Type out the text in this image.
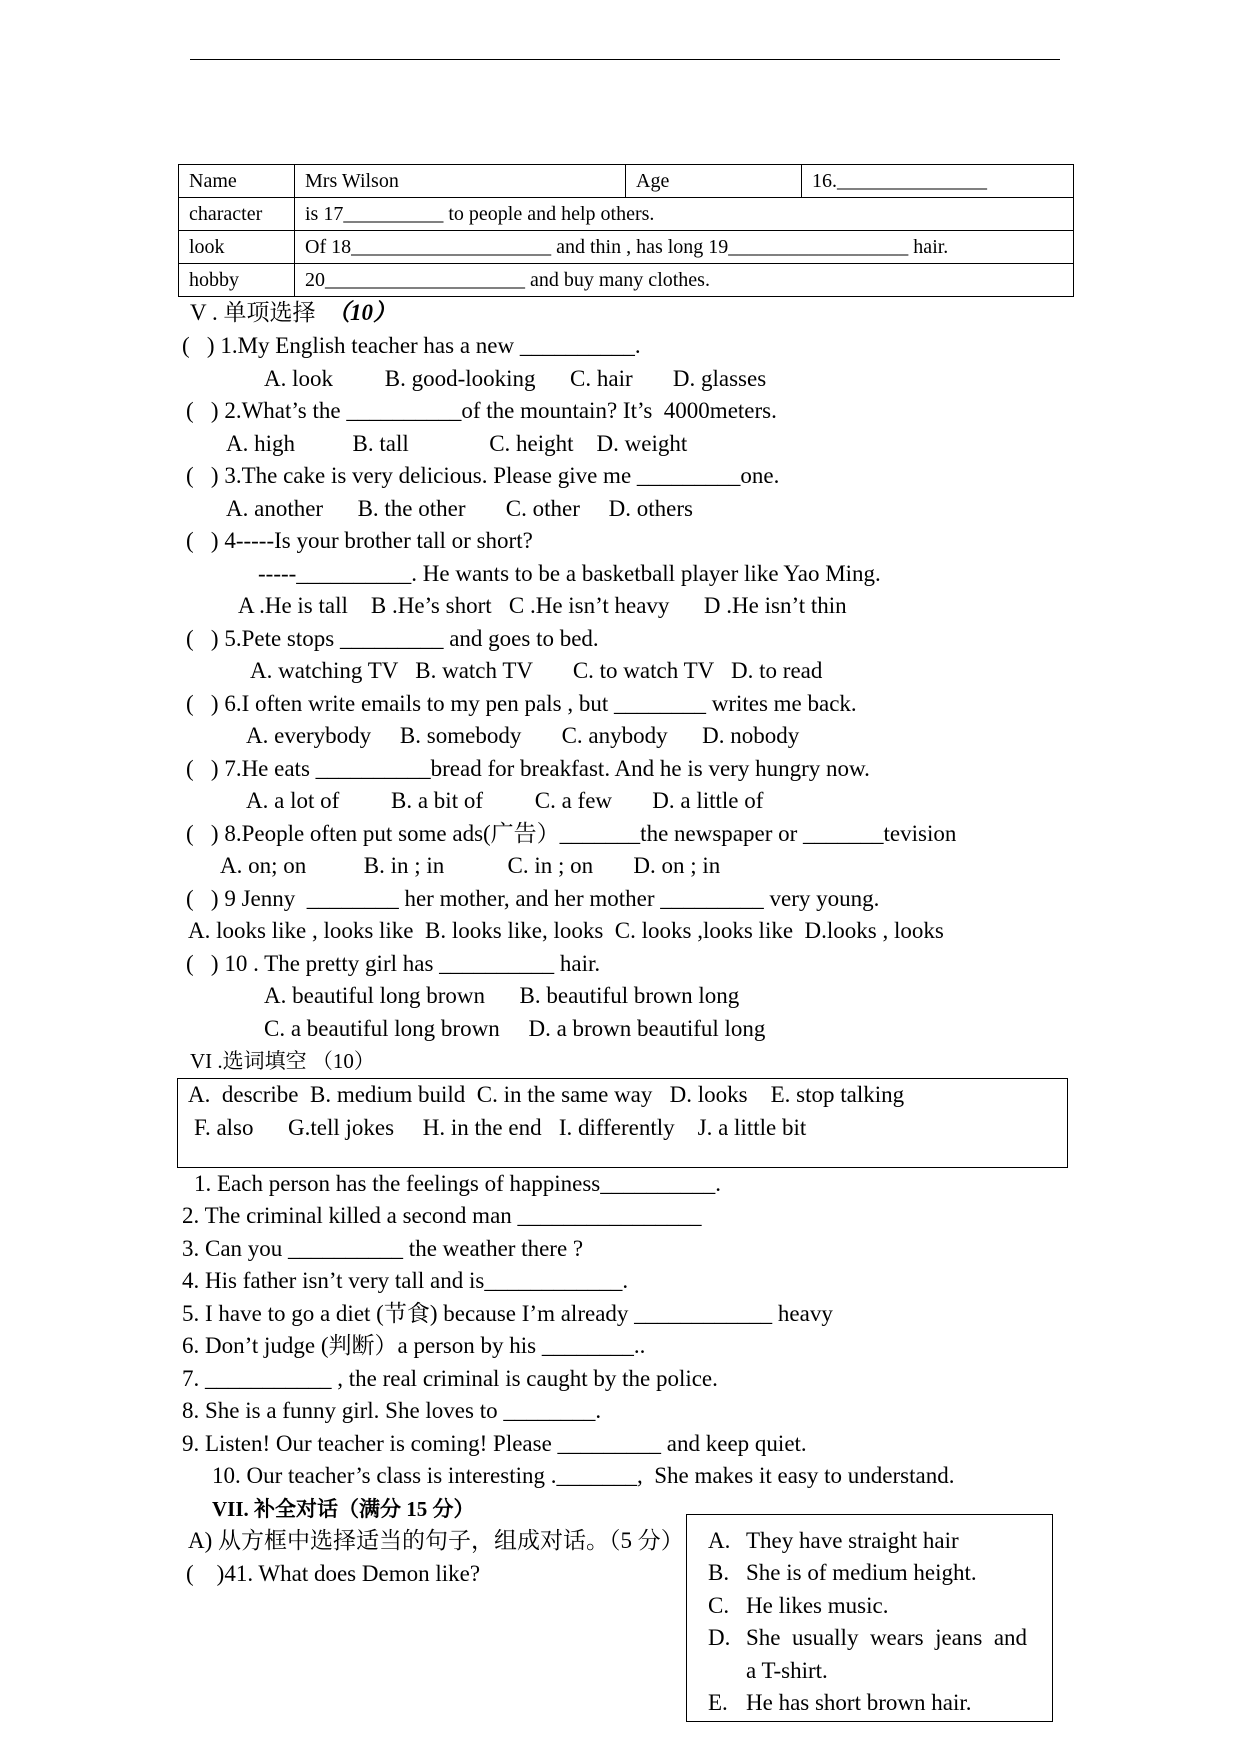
Name	Mrs Wilson	Age	16._______________
character	is 17__________ to people and help others.		
look	Of 18____________________ and thin , has long 19__________________ hair.		
hobby	20____________________ and buy many clothes.		
V . 单项选择 （10）
(   ) 1.My English teacher has a new __________.
A. look         B. good-looking      C. hair       D. glasses
(   ) 2.What’s the __________of the mountain? It’s  4000meters.
A. high          B. tall              C. height    D. weight
(   ) 3.The cake is very delicious. Please give me _________one.
A. another      B. the other       C. other     D. others
(   ) 4-----Is your brother tall or short?
-----__________. He wants to be a basketball player like Yao Ming.
A .He is tall    B .He’s short   C .He isn’t heavy      D .He isn’t thin
(   ) 5.Pete stops _________ and goes to bed.
A. watching TV   B. watch TV       C. to watch TV   D. to read
(   ) 6.I often write emails to my pen pals , but ________ writes me back.
A. everybody     B. somebody       C. anybody      D. nobody
(   ) 7.He eats __________bread for breakfast. And he is very hungry now.
A. a lot of         B. a bit of         C. a few       D. a little of
(   ) 8.People often put some ads(广告）_______the newspaper or _______tevision
A. on; on          B. in ; in           C. in ; on       D. on ; in
(   ) 9 Jenny  ________ her mother, and her mother _________ very young.
A. looks like , looks like  B. looks like, looks  C. looks ,looks like  D.looks , looks
(   ) 10 . The pretty girl has __________ hair.
A. beautiful long brown      B. beautiful brown long
C. a beautiful long brown     D. a brown beautiful long
VI .选词填空 （10）
A.  describe  B. medium build  C. in the same way   D. looks    E. stop talking
F. also      G.tell jokes     H. in the end   I. differently    J. a little bit
1. Each person has the feelings of happiness__________.
2. The criminal killed a second man ________________
3. Can you __________ the weather there ?
4. His father isn’t very tall and is____________.
5. I have to go a diet (节食) because I’m already ____________ heavy
6. Don’t judge (判断）a person by his ________..
7. ___________ , the real criminal is caught by the police.
8. She is a funny girl. She loves to ________.
9. Listen! Our teacher is coming! Please _________ and keep quiet.
10. Our teacher’s class is interesting ._______,  She makes it easy to understand.
VII. 补全对话（满分 15 分）
A) 从方框中选择适当的句子，组成对话。（5 分）
(    )41. What does Demon like?
A. They have straight hair
B. She is of medium height.
C. He likes music.
D. She  usually  wears  jeans  and
a T-shirt.
E. He has short brown hair.
